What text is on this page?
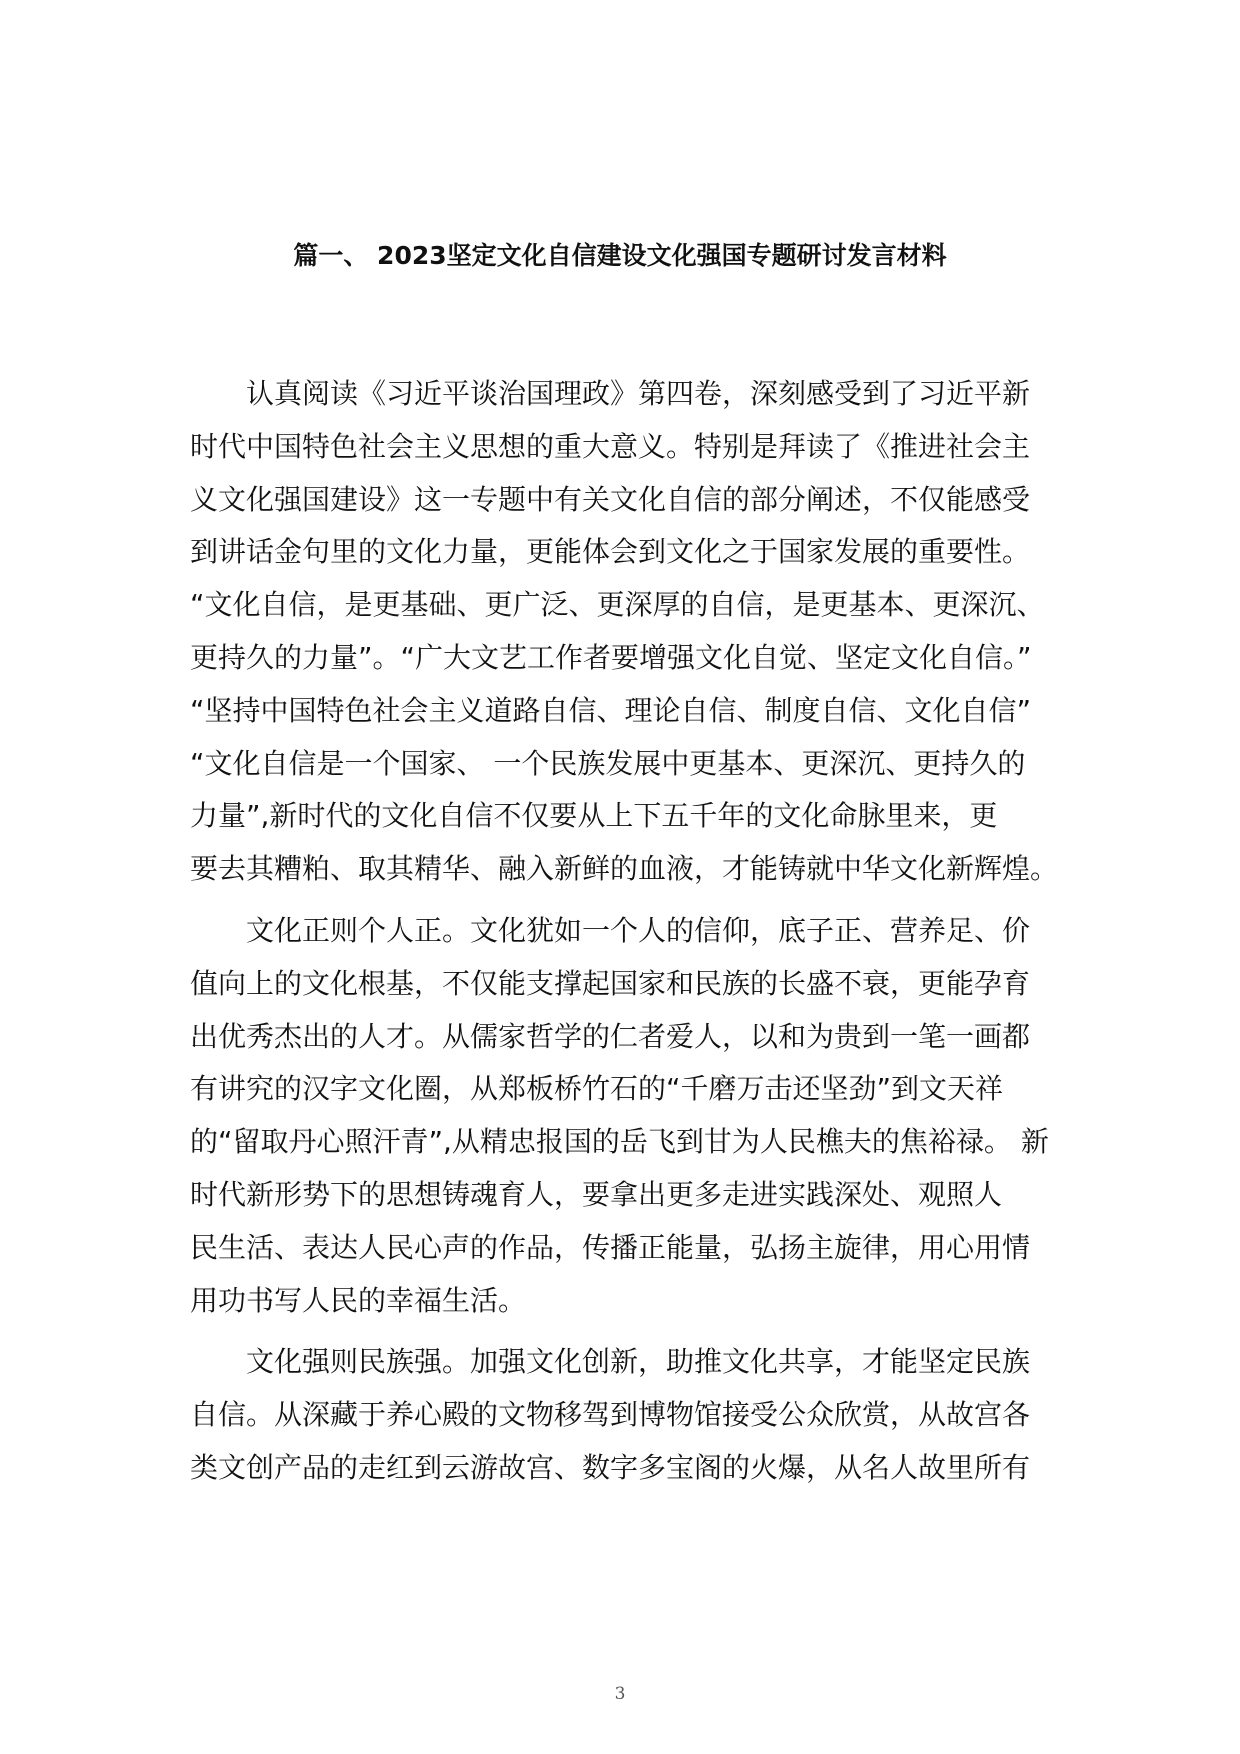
篇一、 2023坚定文化自信建设文化强国专题研讨发言材料
认真阅读《习近平谈治国理政》第四卷，深刻感受到了习近平新
时代中国特色社会主义思想的重大意义。特别是拜读了《推进社会主
义文化强国建设》这一专题中有关文化自信的部分阐述，不仅能感受
到讲话金句里的文化力量，更能体会到文化之于国家发展的重要性。
“文化自信，是更基础、更广泛、更深厚的自信，是更基本、更深沉、
更持久的力量”。“广大文艺工作者要增强文化自觉、坚定文化自信。”
“坚持中国特色社会主义道路自信、理论自信、制度自信、文化自信”
“文化自信是一个国家、 一个民族发展中更基本、更深沉、更持久的
力量”,新时代的文化自信不仅要从上下五千年的文化命脉里来，更
要去其糟粕、取其精华、融入新鲜的血液，才能铸就中华文化新辉煌。
文化正则个人正。文化犹如一个人的信仰，底子正、营养足、价
值向上的文化根基，不仅能支撑起国家和民族的长盛不衰，更能孕育
出优秀杰出的人才。从儒家哲学的仁者爱人，以和为贵到一笔一画都
有讲究的汉字文化圈，从郑板桥竹石的“千磨万击还坚劲”到文天祥
的“留取丹心照汗青”,从精忠报国的岳飞到甘为人民樵夫的焦裕禄。 新
时代新形势下的思想铸魂育人，要拿出更多走进实践深处、观照人
民生活、表达人民心声的作品，传播正能量，弘扬主旋律，用心用情
用功书写人民的幸福生活。
文化强则民族强。加强文化创新，助推文化共享，才能坚定民族
自信。从深藏于养心殿的文物移驾到博物馆接受公众欣赏，从故宫各
类文创产品的走红到云游故宫、数字多宝阁的火爆，从名人故里所有
3
